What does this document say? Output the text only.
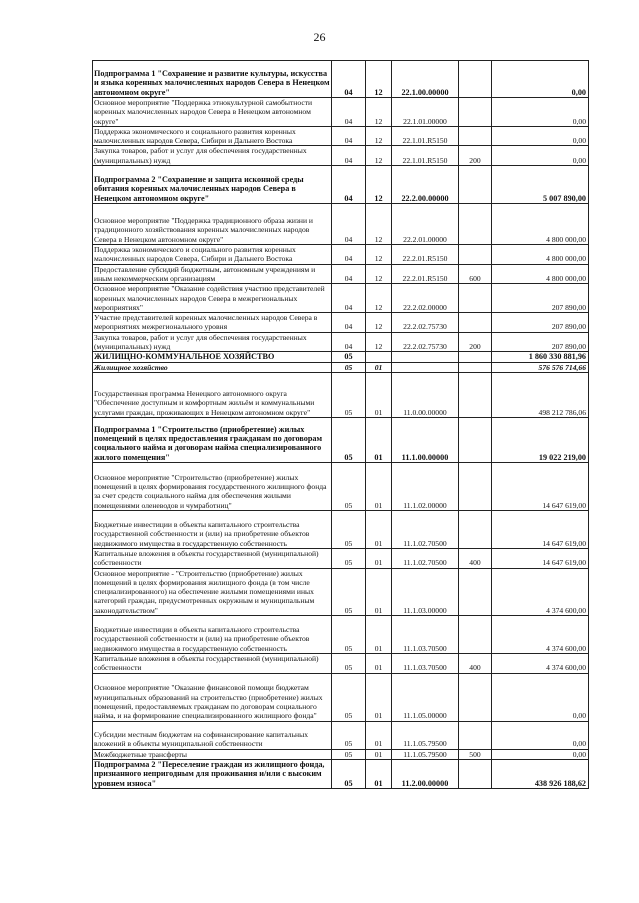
26
Подпрограмма 1 "Сохранение и развитие культуры, искусства и языка коренных малочисленных народов Севера в Ненецком автономном округе"	04	12	22.1.00.00000		0,00
Основное мероприятие "Поддержка этнокультурной самобытности коренных малочисленных народов Севера в Ненецком автономном округе"	04	12	22.1.01.00000		0,00
Поддержка экономического и социального развития коренных малочисленных народов Севера, Сибири и Дальнего Востока	04	12	22.1.01.R5150		0,00
Закупка товаров, работ и услуг для обеспечения государственных (муниципальных) нужд	04	12	22.1.01.R5150	200	0,00
Подпрограмма 2 "Сохранение и защита исконной среды обитания коренных малочисленных народов Севера в Ненецком автономном округе"	04	12	22.2.00.00000		5 007 890,00
Основное мероприятие "Поддержка традиционного образа жизни и традиционного хозяйствования коренных малочисленных народов Севера в Ненецком автономном округе"	04	12	22.2.01.00000		4 800 000,00
Поддержка экономического и социального развития коренных малочисленных народов Севера, Сибири и Дальнего Востока	04	12	22.2.01.R5150		4 800 000,00
Предоставление субсидий бюджетным, автономным учреждениям и иным некоммерческим организациям	04	12	22.2.01.R5150	600	4 800 000,00
Основное мероприятие "Оказание содействия участию представителей коренных малочисленных народов Севера в межрегиональных мероприятиях"	04	12	22.2.02.00000		207 890,00
Участие представителей коренных малочисленных народов Севера в мероприятиях межрегионального уровня	04	12	22.2.02.75730		207 890,00
Закупка товаров, работ и услуг для обеспечения государственных (муниципальных) нужд	04	12	22.2.02.75730	200	207 890,00
ЖИЛИЩНО-КОММУНАЛЬНОЕ ХОЗЯЙСТВО	05				1 860 330 881,96
Жилищное хозяйство	05	01			576 576 714,66
Государственная программа Ненецкого автономного округа "Обеспечение доступным и комфортным жильём и коммунальными услугами граждан, проживающих в Ненецком автономном округе"	05	01	11.0.00.00000		498 212 786,06
Подпрограмма 1 "Строительство (приобретение) жилых помещений в целях предоставления гражданам по договорам социального найма и договорам найма специализированного жилого помещения"	05	01	11.1.00.00000		19 022 219,00
Основное мероприятие "Строительство (приобретение) жилых помещений в целях формирования государственного жилищного фонда за счет средств социального найма для обеспечения жилыми помещениями оленеводов и чумработниц"	05	01	11.1.02.00000		14 647 619,00
Бюджетные инвестиции в объекты капитального строительства государственной собственности и (или) на приобретение объектов недвижимого имущества в государственную собственность	05	01	11.1.02.70500		14 647 619,00
Капитальные вложения в объекты государственной (муниципальной) собственности	05	01	11.1.02.70500	400	14 647 619,00
Основное мероприятие - "Строительство (приобретение) жилых помещений в целях формирования жилищного фонда (в том числе специализированного) на обеспечение жилыми помещениями иных категорий граждан, предусмотренных окружным и муниципальным законодательством"	05	01	11.1.03.00000		4 374 600,00
Бюджетные инвестиции в объекты капитального строительства государственной собственности и (или) на приобретение объектов недвижимого имущества в государственную собственность	05	01	11.1.03.70500		4 374 600,00
Капитальные вложения в объекты государственной (муниципальной) собственности	05	01	11.1.03.70500	400	4 374 600,00
Основное мероприятие "Оказание финансовой помощи бюджетам муниципальных образований на строительство (приобретение) жилых помещений, предоставляемых гражданам по договорам социального найма, и на формирование специализированного жилищного фонда"	05	01	11.1.05.00000		0,00
Субсидии местным бюджетам на софинансирование капитальных вложений в объекты муниципальной собственности	05	01	11.1.05.79500		0,00
Межбюджетные трансферты	05	01	11.1.05.79500	500	0,00
Подпрограмма 2 "Переселение граждан из жилищного фонда, признанного непригодным для проживания и/или с высоким уровнем износа"	05	01	11.2.00.00000		438 926 188,62
